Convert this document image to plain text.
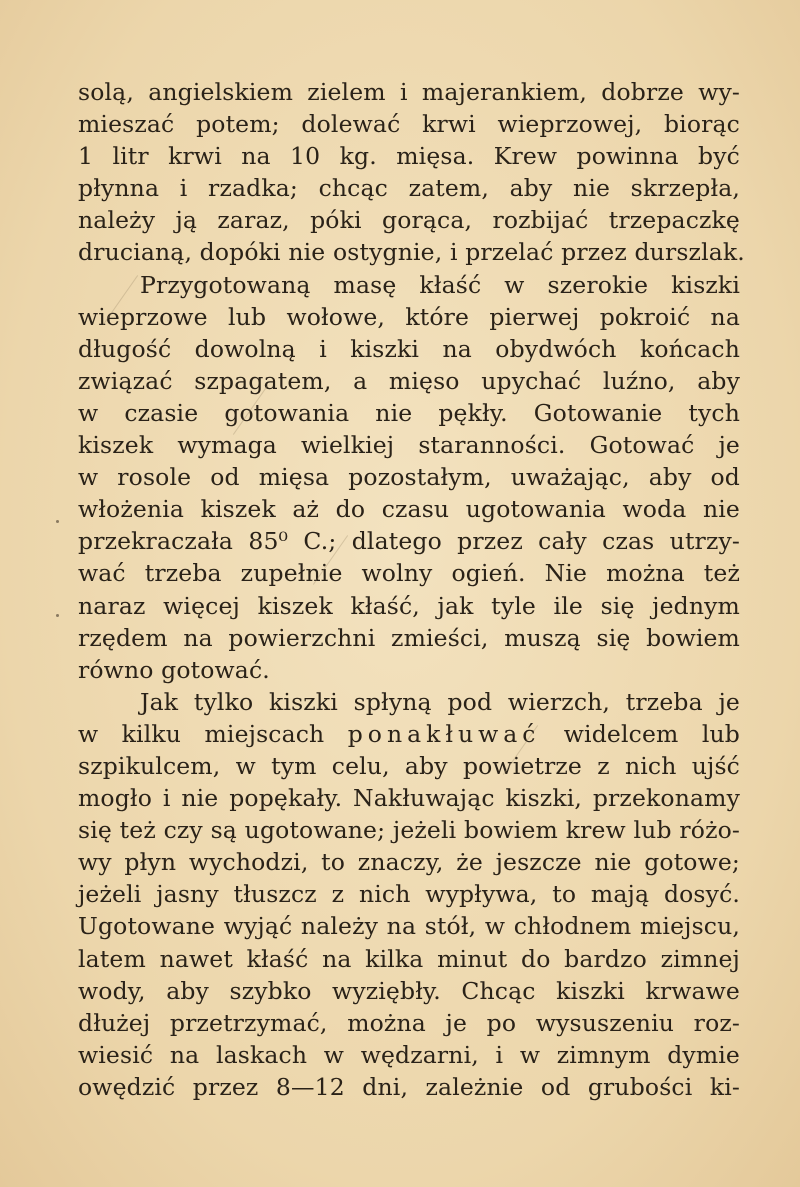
solą, angielskiem zielem i majerankiem, dobrze wy-
mieszać potem; dolewać krwi wieprzowej, biorąc
1 litr krwi na 10 kg. mięsa. Krew powinna być
płynna i rzadka; chcąc zatem, aby nie skrzepła,
należy ją zaraz, póki gorąca, rozbijać trzepaczkę
drucianą, dopóki nie ostygnie, i przelać przez durszlak.
Przygotowaną masę kłaść w szerokie kiszki
wieprzowe lub wołowe, które pierwej pokroić na
długość dowolną i kiszki na obydwóch końcach
związać szpagatem, a mięso upychać luźno, aby
w czasie gotowania nie pękły. Gotowanie tych
kiszek wymaga wielkiej staranności. Gotować je
w rosole od mięsa pozostałym, uważając, aby od
włożenia kiszek aż do czasu ugotowania woda nie
przekraczała 85⁰ C.; dlatego przez cały czas utrzy-
wać trzeba zupełnie wolny ogień. Nie można też
naraz więcej kiszek kłaść, jak tyle ile się jednym
rzędem na powierzchni zmieści, muszą się bowiem
równo gotować.
Jak tylko kiszki spłyną pod wierzch, trzeba je
w kilku miejscach ponakłuwać widelcem lub
szpikulcem, w tym celu, aby powietrze z nich ujść
mogło i nie popękały. Nakłuwając kiszki, przekonamy
się też czy są ugotowane; jeżeli bowiem krew lub różo-
wy płyn wychodzi, to znaczy, że jeszcze nie gotowe;
jeżeli jasny tłuszcz z nich wypływa, to mają dosyć.
Ugotowane wyjąć należy na stół, w chłodnem miejscu,
latem nawet kłaść na kilka minut do bardzo zimnej
wody, aby szybko wyziębły. Chcąc kiszki krwawe
dłużej przetrzymać, można je po wysuszeniu roz-
wiesić na laskach w wędzarni, i w zimnym dymie
owędzić przez 8—12 dni, zależnie od grubości ki-
